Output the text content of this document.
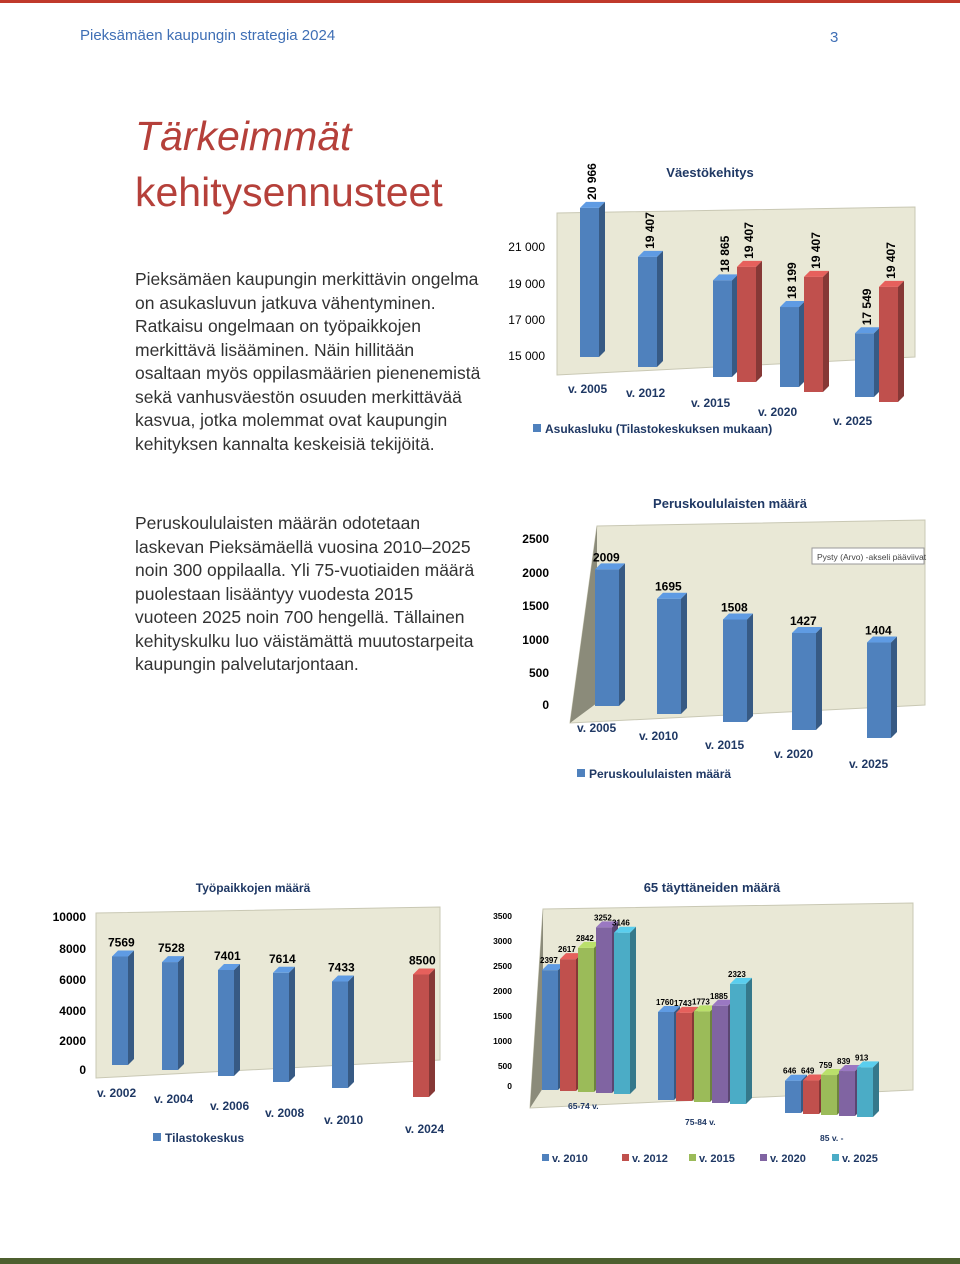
Pieksämäen kaupungin strategia 2024	3
Tärkeimmät
kehitysennusteet
Pieksämäen kaupungin merkittävin ongelma on asukasluvun jatkuva vähentyminen. Ratkaisu ongelmaan on työpaikkojen merkittävä lisääminen. Näin hillitään osaltaan myös oppilasmäärien pienenemistä sekä vanhusväestön osuuden merkittävää kasvua, jotka molemmat ovat kaupungin kehityksen kannalta keskeisiä tekijöitä.
Peruskoululaisten määrän odotetaan laskevan Pieksämäellä vuosina 2010–2025 noin 300 oppilaalla. Yli 75-vuotiaiden määrä puolestaan lisääntyy vuodesta 2015 vuoteen 2025 noin 700 hengellä. Tällainen kehityskulku luo väistämättä muutostarpeita kaupungin palvelutarjontaan.
Väestökehitys
21 000
19 000
17 000
15 000
20 966
v. 2005
19 407
v. 2012
18 865 19 407
v. 2015
18 199
19 407
v. 2020
17 549
19 407
v. 2025
Asukasluku (Tilastokeskuksen mukaan)
Peruskoululaisten määrä
Pysty (Arvo) -akseli pääviivat
2500
2000
1500
1000
500
0
2009
v. 2005
1695
v. 2010
1508
v. 2015
1427
v. 2020
1404
v. 2025
Peruskoululaisten määrä
Työpaikkojen määrä
10000
8000
6000
4000
2000
0
7569
v. 2002
7528
v. 2004
7401
v. 2006
7614
v. 2008
7433
v. 2010
8500
v. 2024
Tilastokeskus
65 täyttäneiden määrä
3500
3000
2500
2000
1500
1000
500
0
2397
2617
2842
3252
3146
65-74 v.
1760 1743 1773
1885
2323
75-84 v.
646 649
759 839 913
85 v. -
v. 2010	v. 2012	v. 2015	v. 2020	v. 2025
